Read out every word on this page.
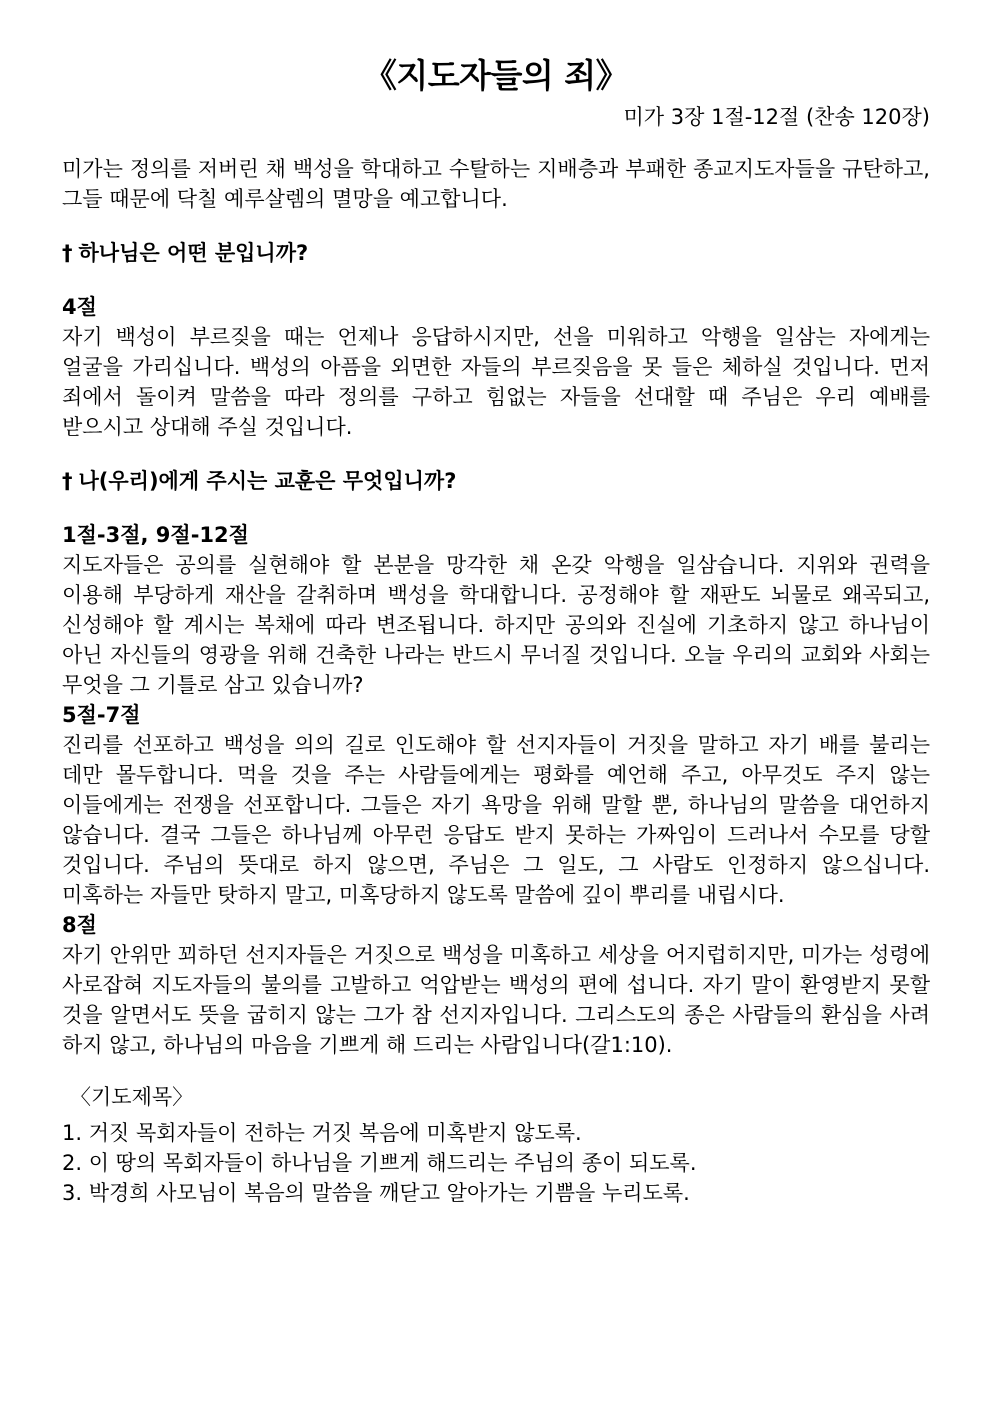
《지도자들의 죄》
미가 3장 1절-12절 (찬송 120장)

미가는 정의를 저버린 채 백성을 학대하고 수탈하는 지배층과 부패한 종교지도자들을 규탄하고, 그들 때문에 닥칠 예루살렘의 멸망을 예고합니다.

† 하나님은 어떤 분입니까?
4절

자기 백성이 부르짖을 때는 언제나 응답하시지만, 선을 미워하고 악행을 일삼는 자에게는 얼굴을 가리십니다. 백성의 아픔을 외면한 자들의 부르짖음을 못 들은 체하실 것입니다. 먼저 죄에서 돌이켜 말씀을 따라 정의를 구하고 힘없는 자들을 선대할 때 주님은 우리 예배를 받으시고 상대해 주실 것입니다.

† 나(우리)에게 주시는 교훈은 무엇입니까?
1절-3절, 9절-12절

지도자들은 공의를 실현해야 할 본분을 망각한 채 온갖 악행을 일삼습니다. 지위와 권력을 이용해 부당하게 재산을 갈취하며 백성을 학대합니다. 공정해야 할 재판도 뇌물로 왜곡되고, 신성해야 할 계시는 복채에 따라 변조됩니다. 하지만 공의와 진실에 기초하지 않고 하나님이 아닌 자신들의 영광을 위해 건축한 나라는 반드시 무너질 것입니다. 오늘 우리의 교회와 사회는 무엇을 그 기틀로 삼고 있습니까?

5절-7절

진리를 선포하고 백성을 의의 길로 인도해야 할 선지자들이 거짓을 말하고 자기 배를 불리는 데만 몰두합니다. 먹을 것을 주는 사람들에게는 평화를 예언해 주고, 아무것도 주지 않는 이들에게는 전쟁을 선포합니다. 그들은 자기 욕망을 위해 말할 뿐, 하나님의 말씀을 대언하지 않습니다. 결국 그들은 하나님께 아무런 응답도 받지 못하는 가짜임이 드러나서 수모를 당할 것입니다. 주님의 뜻대로 하지 않으면, 주님은 그 일도, 그 사람도 인정하지 않으십니다. 미혹하는 자들만 탓하지 말고, 미혹당하지 않도록 말씀에 깊이 뿌리를 내립시다.

8절

자기 안위만 꾀하던 선지자들은 거짓으로 백성을 미혹하고 세상을 어지럽히지만, 미가는 성령에 사로잡혀 지도자들의 불의를 고발하고 억압받는 백성의 편에 섭니다. 자기 말이 환영받지 못할 것을 알면서도 뜻을 굽히지 않는 그가 참 선지자입니다. 그리스도의 종은 사람들의 환심을 사려 하지 않고, 하나님의 마음을 기쁘게 해 드리는 사람입니다(갈1:10).

〈기도제목〉
1. 거짓 목회자들이 전하는 거짓 복음에 미혹받지 않도록.
2. 이 땅의 목회자들이 하나님을 기쁘게 해드리는 주님의 종이 되도록.
3. 박경희 사모님이 복음의 말씀을 깨닫고 알아가는 기쁨을 누리도록.
